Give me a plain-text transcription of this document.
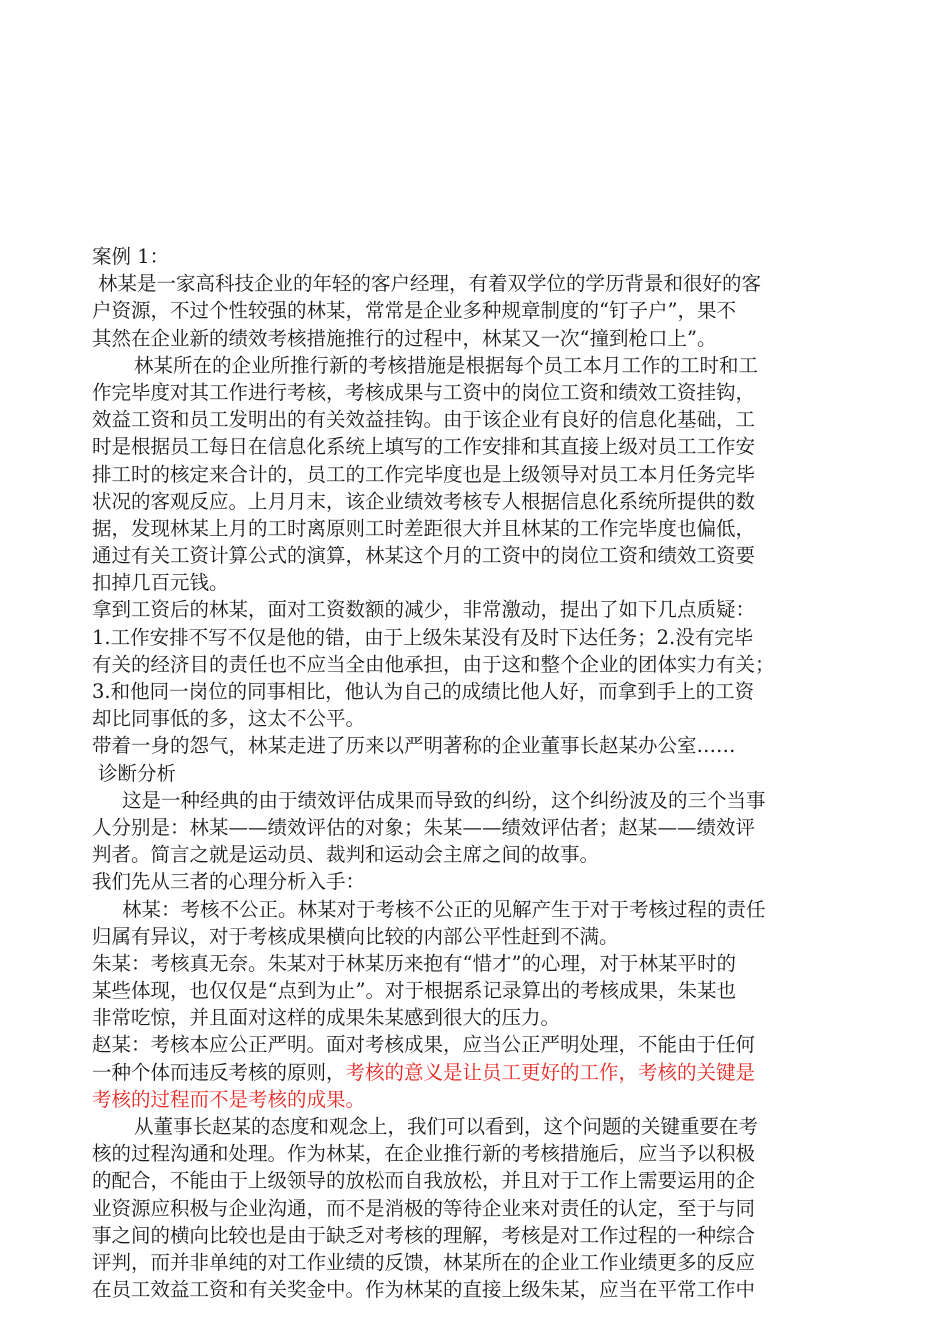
案例 1：
林某是一家高科技企业的年轻的客户经理，有着双学位的学历背景和很好的客
户资源，不过个性较强的林某，常常是企业多种规章制度的“钉子户”，果不
其然在企业新的绩效考核措施推行的过程中，林某又一次“撞到枪口上”。
林某所在的企业所推行新的考核措施是根据每个员工本月工作的工时和工
作完毕度对其工作进行考核，考核成果与工资中的岗位工资和绩效工资挂钩，
效益工资和员工发明出的有关效益挂钩。由于该企业有良好的信息化基础，工
时是根据员工每日在信息化系统上填写的工作安排和其直接上级对员工工作安
排工时的核定来合计的，员工的工作完毕度也是上级领导对员工本月任务完毕
状况的客观反应。上月月末，该企业绩效考核专人根据信息化系统所提供的数
据，发现林某上月的工时离原则工时差距很大并且林某的工作完毕度也偏低，
通过有关工资计算公式的演算，林某这个月的工资中的岗位工资和绩效工资要
扣掉几百元钱。
拿到工资后的林某，面对工资数额的减少，非常激动，提出了如下几点质疑：
1.工作安排不写不仅是他的错，由于上级朱某没有及时下达任务；2.没有完毕
有关的经济目的责任也不应当全由他承担，由于这和整个企业的团体实力有关；
3.和他同一岗位的同事相比，他认为自己的成绩比他人好，而拿到手上的工资
却比同事低的多，这太不公平。
带着一身的怨气，林某走进了历来以严明著称的企业董事长赵某办公室……
诊断分析
这是一种经典的由于绩效评估成果而导致的纠纷，这个纠纷波及的三个当事
人分别是：林某——绩效评估的对象；朱某——绩效评估者；赵某——绩效评
判者。简言之就是运动员、裁判和运动会主席之间的故事。
我们先从三者的心理分析入手：
林某：考核不公正。林某对于考核不公正的见解产生于对于考核过程的责任
归属有异议，对于考核成果横向比较的内部公平性赶到不满。
朱某：考核真无奈。朱某对于林某历来抱有“惜才”的心理，对于林某平时的
某些体现，也仅仅是“点到为止”。对于根据系记录算出的考核成果，朱某也
非常吃惊，并且面对这样的成果朱某感到很大的压力。
赵某：考核本应公正严明。面对考核成果，应当公正严明处理，不能由于任何
一种个体而违反考核的原则，考核的意义是让员工更好的工作，考核的关键是
考核的过程而不是考核的成果。
从董事长赵某的态度和观念上，我们可以看到，这个问题的关键重要在考
核的过程沟通和处理。作为林某，在企业推行新的考核措施后，应当予以积极
的配合，不能由于上级领导的放松而自我放松，并且对于工作上需要运用的企
业资源应积极与企业沟通，而不是消极的等待企业来对责任的认定，至于与同
事之间的横向比较也是由于缺乏对考核的理解，考核是对工作过程的一种综合
评判，而并非单纯的对工作业绩的反馈，林某所在的企业工作业绩更多的反应
在员工效益工资和有关奖金中。作为林某的直接上级朱某，应当在平常工作中
